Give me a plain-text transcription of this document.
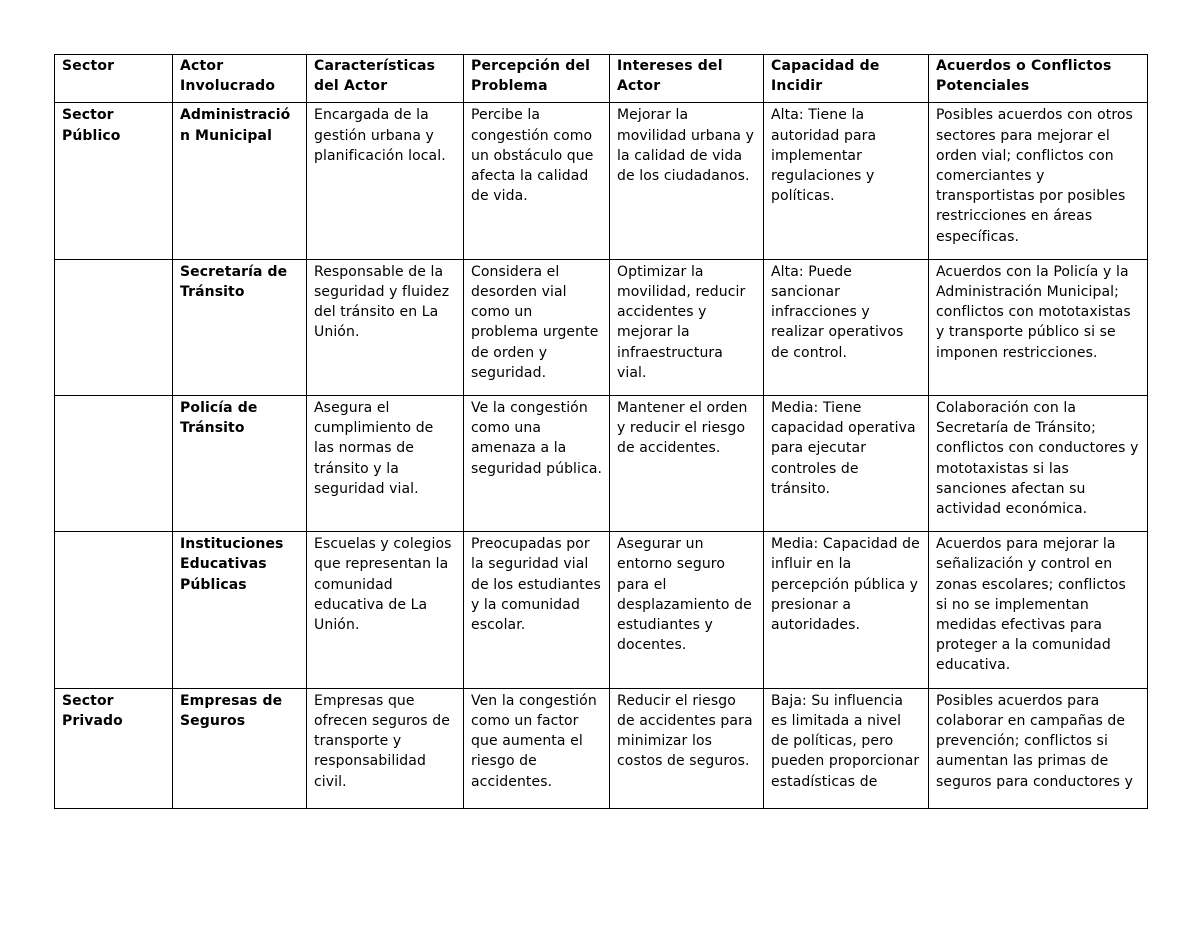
Sector	Actor Involucrado	Características del Actor	Percepción del Problema	Intereses del Actor	Capacidad de Incidir	Acuerdos o Conflictos Potenciales
Sector Público	Administración Municipal	Encargada de la gestión urbana y planificación local.	Percibe la congestión como un obstáculo que afecta la calidad de vida.	Mejorar la movilidad urbana y la calidad de vida de los ciudadanos.	Alta: Tiene la autoridad para implementar regulaciones y políticas.	Posibles acuerdos con otros sectores para mejorar el orden vial; conflictos con comerciantes y transportistas por posibles restricciones en áreas específicas.
	Secretaría de Tránsito	Responsable de la seguridad y fluidez del tránsito en La Unión.	Considera el desorden vial como un problema urgente de orden y seguridad.	Optimizar la movilidad, reducir accidentes y mejorar la infraestructura vial.	Alta: Puede sancionar infracciones y realizar operativos de control.	Acuerdos con la Policía y la Administración Municipal; conflictos con mototaxistas y transporte público si se imponen restricciones.
	Policía de Tránsito	Asegura el cumplimiento de las normas de tránsito y la seguridad vial.	Ve la congestión como una amenaza a la seguridad pública.	Mantener el orden y reducir el riesgo de accidentes.	Media: Tiene capacidad operativa para ejecutar controles de tránsito.	Colaboración con la Secretaría de Tránsito; conflictos con conductores y mototaxistas si las sanciones afectan su actividad económica.
	Instituciones Educativas Públicas	Escuelas y colegios que representan la comunidad educativa de La Unión.	Preocupadas por la seguridad vial de los estudiantes y la comunidad escolar.	Asegurar un entorno seguro para el desplazamiento de estudiantes y docentes.	Media: Capacidad de influir en la percepción pública y presionar a autoridades.	Acuerdos para mejorar la señalización y control en zonas escolares; conflictos si no se implementan medidas efectivas para proteger a la comunidad educativa.

Sector Privado	Empresas de Seguros	Empresas que ofrecen seguros de transporte y responsabilidad civil.	Ven la congestión como un factor que aumenta el riesgo de accidentes.	Reducir el riesgo de accidentes para minimizar los costos de seguros.	Baja: Su influencia es limitada a nivel de políticas, pero pueden proporcionar estadísticas de	Posibles acuerdos para colaborar en campañas de prevención; conflictos si aumentan las primas de seguros para conductores y
